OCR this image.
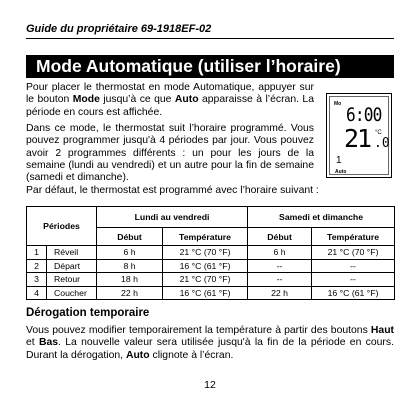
Guide du propriétaire 69-1918EF-02
Mode Automatique (utiliser l’horaire)
Pour placer le thermostat en mode Automatique, appuyer sur le bouton Mode jusqu’à ce que Auto apparaisse à l’écran. La période en cours est affichée.
Dans ce mode, le thermostat suit l’horaire programmé. Vous pouvez programmer jusqu'à 4 périodes par jour. Vous pouvez avoir 2 programmes différents : un pour les jours de la semaine (lundi au vendredi) et un autre pour la fin de semaine (samedi et dimanche).
Mo 6:00
21 °C
.0
1
Auto
Par défaut, le thermostat est programmé avec l’horaire suivant :
Périodes		Lundi au vendredi		Samedi et dimanche	
		Début	Température	Début	Température
1	Réveil	6 h	21 °C (70 °F)	6 h	21 °C (70 °F)
2	Départ	8 h	16 °C (61 °F)	--	--
3	Retour	18 h	21 °C (70 °F)	--	--
4	Coucher	22 h	16 °C (61 °F)	22 h	16 °C (61 °F)
Dérogation temporaire
Vous pouvez modifier temporairement la température à partir des boutons Haut et Bas. La nouvelle valeur sera utilisée jusqu'à la fin de la période en cours. Durant la dérogation, Auto clignote à l’écran.
12
